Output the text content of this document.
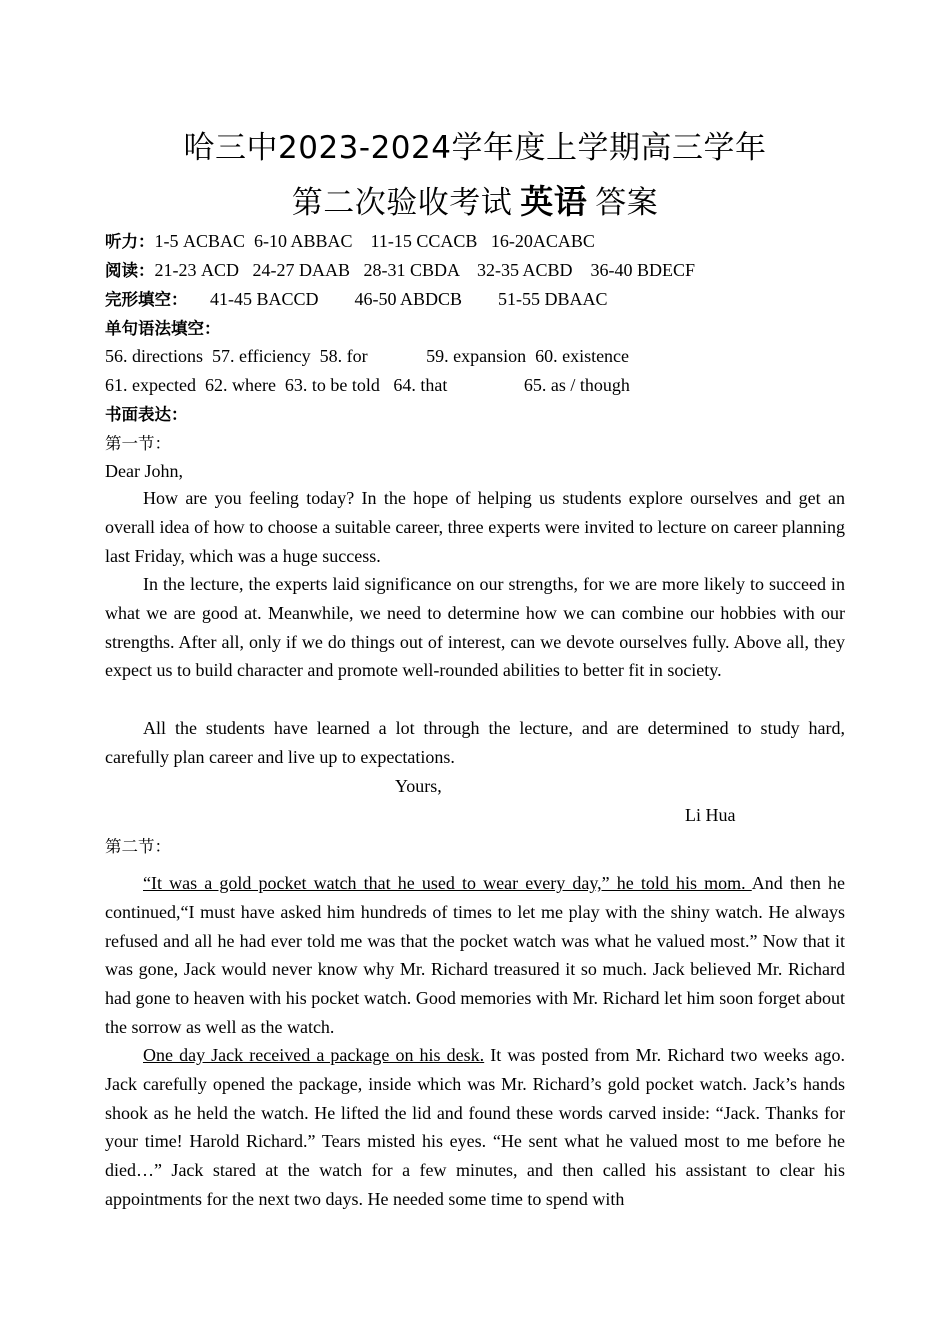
哈三中2023-2024学年度上学期高三学年
第二次验收考试 英语 答案
听力：1-5 ACBAC  6-10 ABBAC    11-15 CCACB   16-20ACABC
阅读：21-23 ACD   24-27 DAAB   28-31 CBDA    32-35 ACBD    36-40 BDECF
完形填空：     41-45 BACCD        46-50 ABDCB        51-55 DBAAC
单句语法填空：
56. directions  57. efficiency  58. for             59. expansion  60. existence
61. expected  62. where  63. to be told   64. that                 65. as / though
书面表达：
第一节：
Dear John,

How are you feeling today? In the hope of helping us students explore ourselves and get an overall idea of how to choose a suitable career, three experts were invited to lecture on career planning last Friday, which was a huge success.

In the lecture, the experts laid significance on our strengths, for we are more likely to succeed in what we are good at. Meanwhile, we need to determine how we can combine our hobbies with our strengths. After all, only if we do things out of interest, can we devote ourselves fully. Above all, they expect us to build character and promote well-rounded abilities to better fit in society.

All the students have learned a lot through the lecture, and are determined to study hard, carefully plan career and live up to expectations.

Yours,
Li Hua
第二节：

“It was a gold pocket watch that he used to wear every day,” he told his mom. And then he continued,“I must have asked him hundreds of times to let me play with the shiny watch. He always refused and all he had ever told me was that the pocket watch was what he valued most.” Now that it was gone, Jack would never know why Mr. Richard treasured it so much. Jack believed Mr. Richard had gone to heaven with his pocket watch. Good memories with Mr. Richard let him soon forget about the sorrow as well as the watch.

One day Jack received a package on his desk. It was posted from Mr. Richard two weeks ago. Jack carefully opened the package, inside which was Mr. Richard’s gold pocket watch. Jack’s hands shook as he held the watch. He lifted the lid and found these words carved inside: “Jack. Thanks for your time! Harold Richard.” Tears misted his eyes. “He sent what he valued most to me before he died…” Jack stared at the watch for a few minutes, and then called his assistant to clear his appointments for the next two days. He needed some time to spend with
